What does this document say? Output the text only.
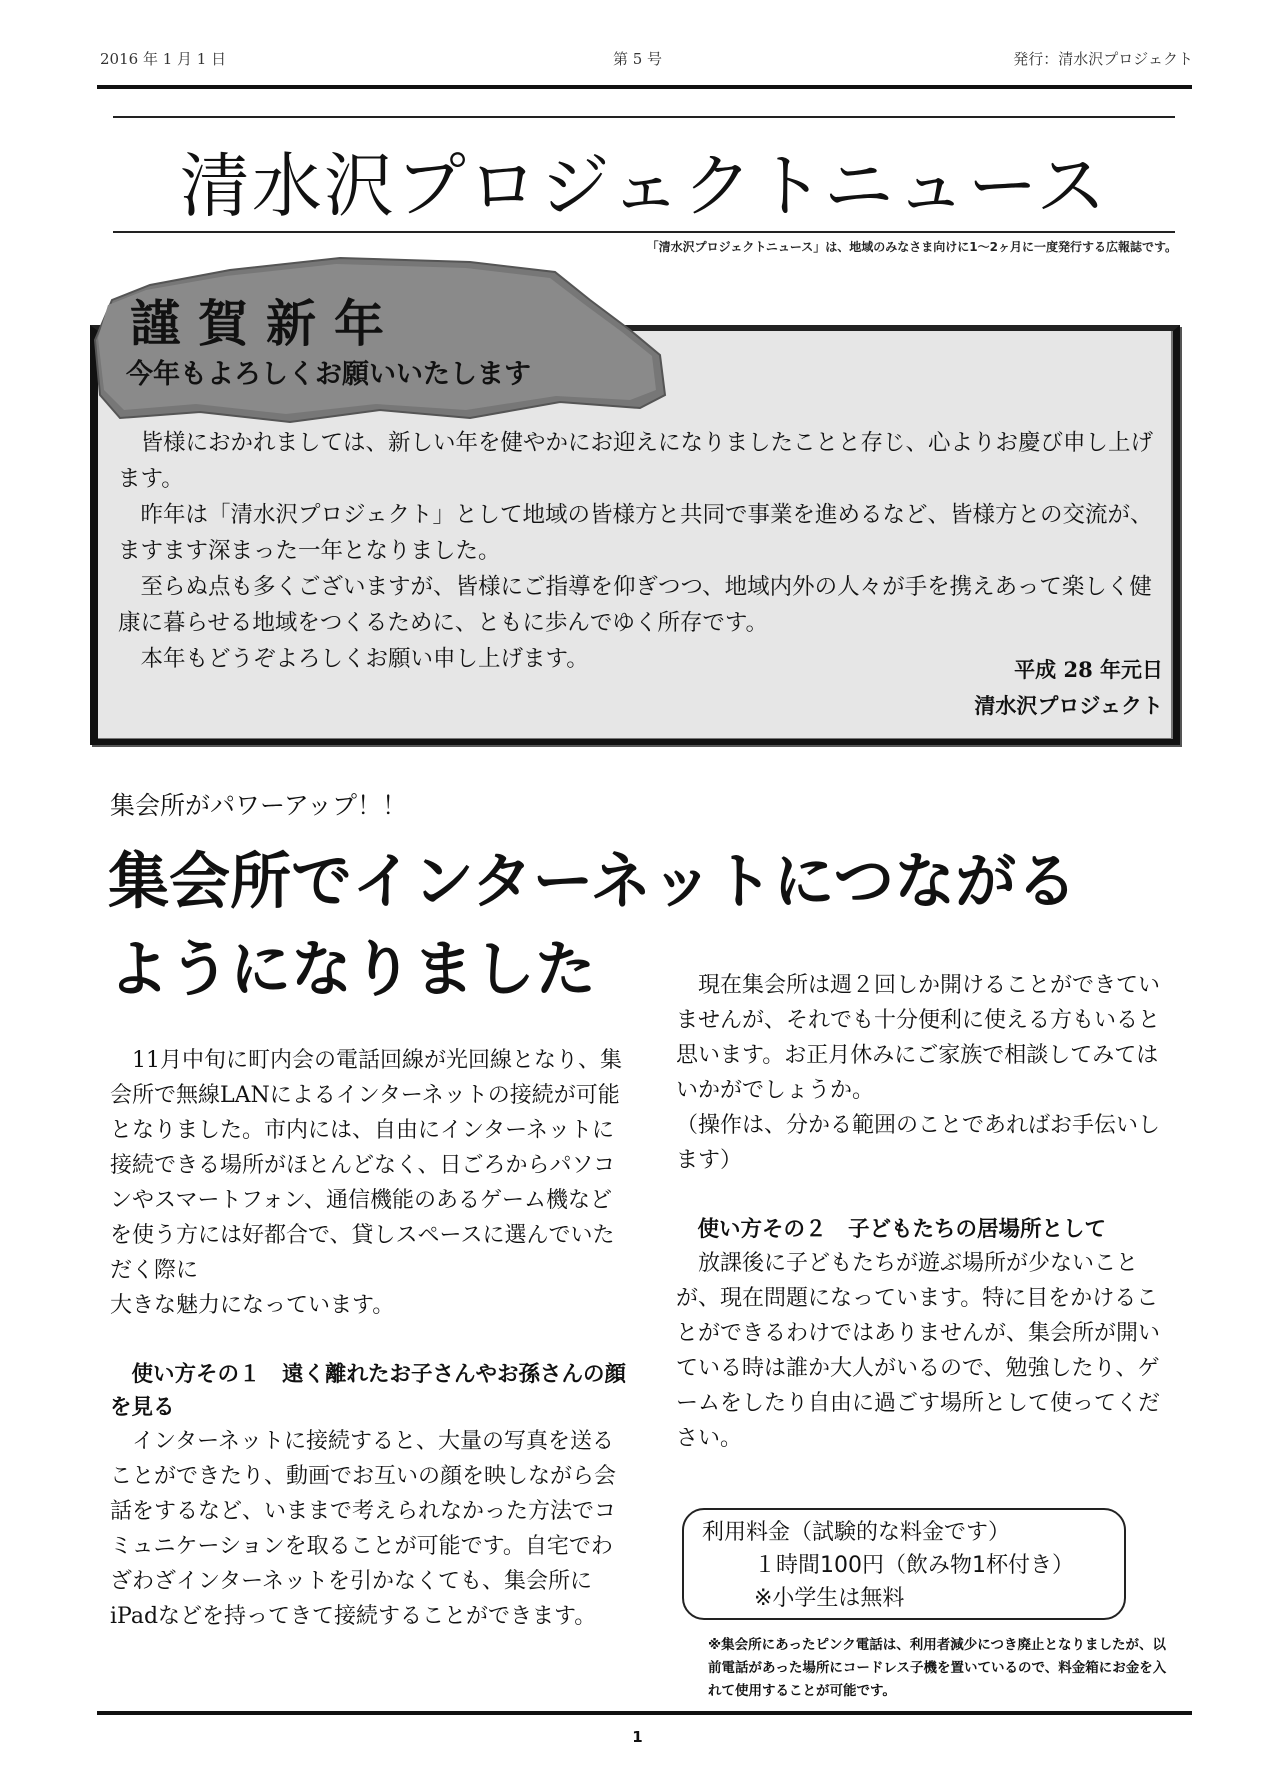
2016 年 1 月 1 日	第 5 号	発行：清水沢プロジェクト
清水沢プロジェクトニュース
「清水沢プロジェクトニュース」は、地域のみなさま向けに1〜2ヶ月に一度発行する広報誌です。
謹賀新年
今年もよろしくお願いいたします

皆様におかれましては、新しい年を健やかにお迎えになりましたことと存じ、心よりお慶び申し上げます。

昨年は「清水沢プロジェクト」として地域の皆様方と共同で事業を進めるなど、皆様方との交流が、ますます深まった一年となりました。

至らぬ点も多くございますが、皆様にご指導を仰ぎつつ、地域内外の人々が手を携えあって楽しく健康に暮らせる地域をつくるために、ともに歩んでゆく所存です。

本年もどうぞよろしくお願い申し上げます。	平成 28 年元日
清水沢プロジェクト
集会所がパワーアップ！！
集会所でインターネットにつながる
ようになりました

11月中旬に町内会の電話回線が光回線となり、集会所で無線LANによるインターネットの接続が可能となりました。市内には、自由にインターネットに接続できる場所がほとんどなく、日ごろからパソコンやスマートフォン、通信機能のあるゲーム機などを使う方には好都合で、貸しスペースに選んでいただく際に

大きな魅力になっています。

使い方その１　遠く離れたお子さんやお孫さんの顔を見る

インターネットに接続すると、大量の写真を送ることができたり、動画でお互いの顔を映しながら会話をするなど、いままで考えられなかった方法でコミュニケーションを取ることが可能です。自宅でわざわざインターネットを引かなくても、集会所にiPadなどを持ってきて接続することができます。

現在集会所は週２回しか開けることができていませんが、それでも十分便利に使える方もいると思います。お正月休みにご家族で相談してみてはいかがでしょうか。

（操作は、分かる範囲のことであればお手伝いします）

使い方その２　子どもたちの居場所として

放課後に子どもたちが遊ぶ場所が少ないことが、現在問題になっています。特に目をかけることができるわけではありませんが、集会所が開いている時は誰か大人がいるので、勉強したり、ゲームをしたり自由に過ごす場所として使ってください。

利用料金（試験的な料金です）
１時間100円（飲み物1杯付き）
※小学生は無料
※集会所にあったピンク電話は、利用者減少につき廃止となりましたが、以前電話があった場所にコードレス子機を置いているので、料金箱にお金を入れて使用することが可能です。
1
